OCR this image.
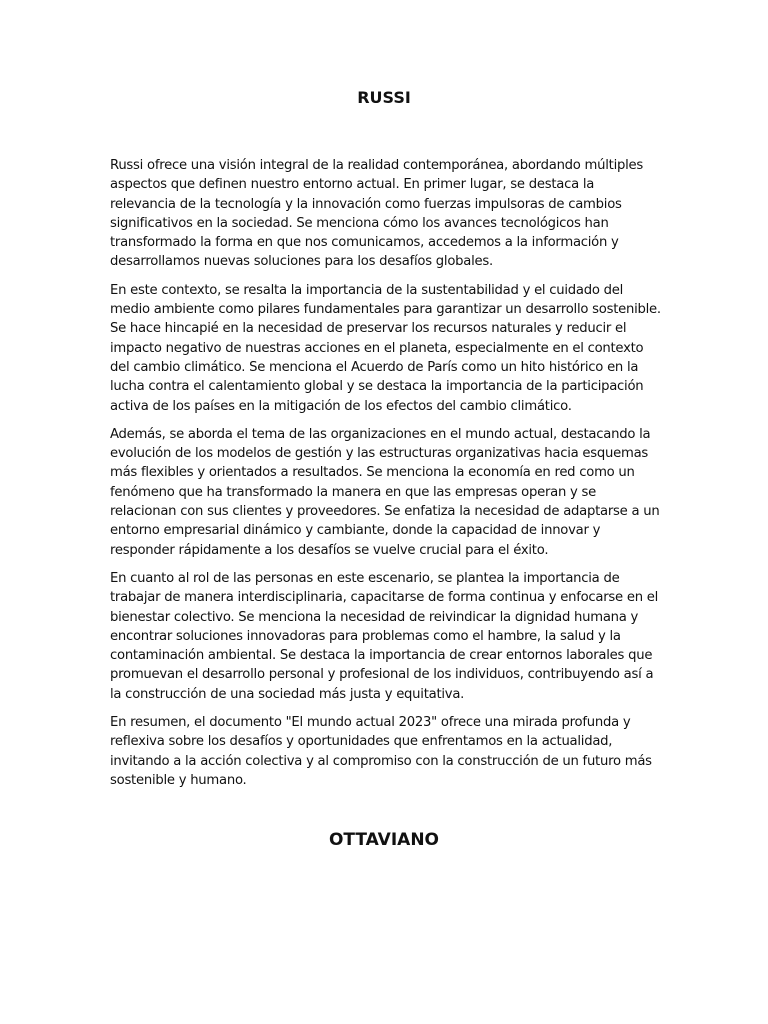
RUSSI

Russi ofrece una visión integral de la realidad contemporánea, abordando múltiples aspectos que definen nuestro entorno actual. En primer lugar, se destaca la relevancia de la tecnología y la innovación como fuerzas impulsoras de cambios significativos en la sociedad. Se menciona cómo los avances tecnológicos han transformado la forma en que nos comunicamos, accedemos a la información y desarrollamos nuevas soluciones para los desafíos globales.

En este contexto, se resalta la importancia de la sustentabilidad y el cuidado del medio ambiente como pilares fundamentales para garantizar un desarrollo sostenible. Se hace hincapié en la necesidad de preservar los recursos naturales y reducir el impacto negativo de nuestras acciones en el planeta, especialmente en el contexto del cambio climático. Se menciona el Acuerdo de París como un hito histórico en la lucha contra el calentamiento global y se destaca la importancia de la participación activa de los países en la mitigación de los efectos del cambio climático.

Además, se aborda el tema de las organizaciones en el mundo actual, destacando la evolución de los modelos de gestión y las estructuras organizativas hacia esquemas más flexibles y orientados a resultados. Se menciona la economía en red como un fenómeno que ha transformado la manera en que las empresas operan y se relacionan con sus clientes y proveedores. Se enfatiza la necesidad de adaptarse a un entorno empresarial dinámico y cambiante, donde la capacidad de innovar y responder rápidamente a los desafíos se vuelve crucial para el éxito.

En cuanto al rol de las personas en este escenario, se plantea la importancia de trabajar de manera interdisciplinaria, capacitarse de forma continua y enfocarse en el bienestar colectivo. Se menciona la necesidad de reivindicar la dignidad humana y encontrar soluciones innovadoras para problemas como el hambre, la salud y la contaminación ambiental. Se destaca la importancia de crear entornos laborales que promuevan el desarrollo personal y profesional de los individuos, contribuyendo así a la construcción de una sociedad más justa y equitativa.

En resumen, el documento "El mundo actual 2023" ofrece una mirada profunda y reflexiva sobre los desafíos y oportunidades que enfrentamos en la actualidad, invitando a la acción colectiva y al compromiso con la construcción de un futuro más sostenible y humano.

OTTAVIANO
